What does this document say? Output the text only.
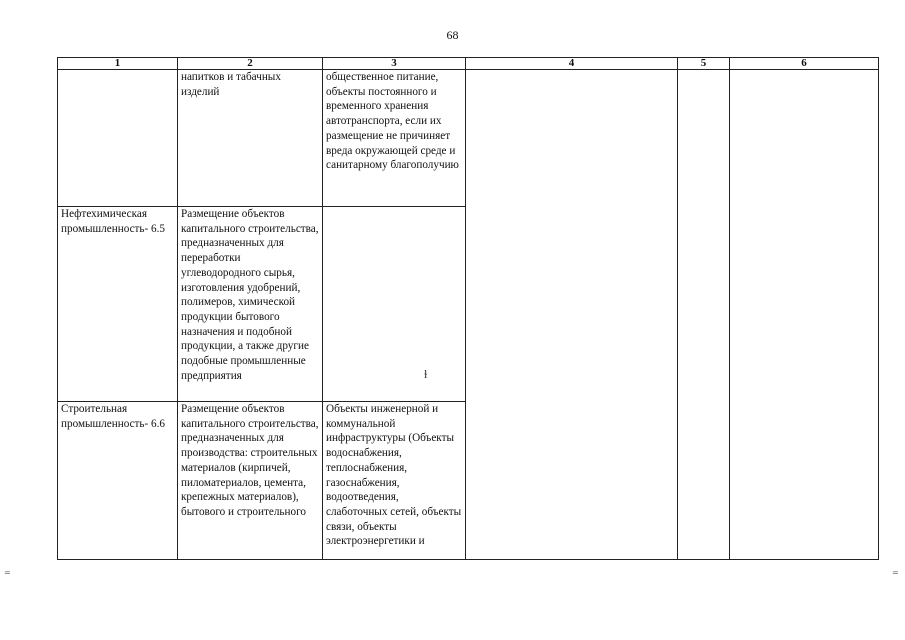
68
1	2	3	4	5	6

	напитков и табачных изделий	общественное питание, объекты постоянного и временного хранения автотранспорта, если их размещение не причиняет вреда окружающей среде и санитарному благополучию			

Нефтехимическая промышленность- 6.5	Размещение объектов капитального строительства, предназначенных для переработки углеводородного сырья, изготовления удобрений, полимеров, химической продукции бытового назначения и подобной продукции, а также другие подобные промышленные предприятия				

Строительная промышленность- 6.6	Размещение объектов капитального строительства, предназначенных для производства: строительных материалов (кирпичей, пиломатериалов, цемента, крепежных материалов), бытового и строительного	Объекты инженерной и коммунальной инфраструктуры (Объекты водоснабжения, теплоснабжения, газоснабжения, водоотведения, слаботочных сетей, объекты связи, объекты электроэнергетики и			
ɫ
=	=
